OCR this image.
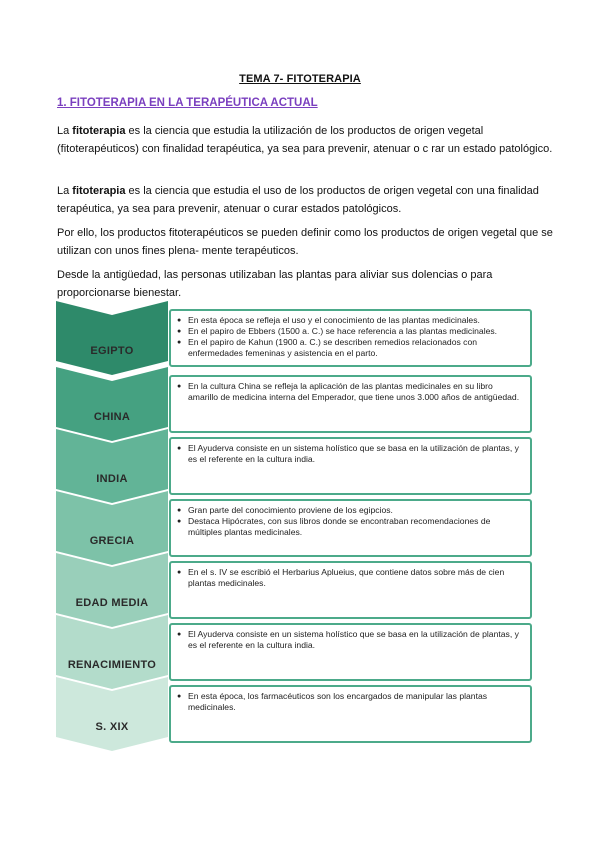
TEMA 7- FITOTERAPIA
1. FITOTERAPIA EN LA TERAPÉUTICA ACTUAL

La fitoterapia es la ciencia que estudia la utilización de los productos de origen vegetal (fitoterapéuticos) con finalidad terapéutica, ya sea para prevenir, atenuar o c rar un estado patológico.

La fitoterapia es la ciencia que estudia el uso de los productos de origen vegetal con una finalidad terapéutica, ya sea para prevenir, atenuar o curar estados patológicos.

Por ello, los productos fitoterapéuticos se pueden definir como los productos de origen vegetal que se utilizan con unos fines plena- mente terapéuticos.

Desde la antigüedad, las personas utilizaban las plantas para aliviar sus dolencias o para proporcionarse bienestar.

EGIPTO
● En esta época se refleja el uso y el conocimiento de las plantas medicinales.
● En el papiro de Ebbers (1500 a. C.) se hace referencia a las plantas medicinales.
● En el papiro de Kahun (1900 a. C.) se describen remedios relacionados con enfermedades femeninas y asistencia en el parto.
CHINA
● En la cultura China se refleja la aplicación de las plantas medicinales en su libro amarillo de medicina interna del Emperador, que tiene unos 3.000 años de antigüedad.
INDIA
● El Ayuderva consiste en un sistema holístico que se basa en la utilización de plantas, y es el referente en la cultura india.
GRECIA
● Gran parte del conocimiento proviene de los egipcios.
● Destaca Hipócrates, con sus libros donde se encontraban recomendaciones de múltiples plantas medicinales.
EDAD MEDIA
● En el s. IV se escribió el Herbarius Aplueius, que contiene datos sobre más de cien plantas medicinales.
RENACIMIENTO
● El Ayuderva consiste en un sistema holístico que se basa en la utilización de plantas, y es el referente en la cultura india.
S. XIX
● En esta época, los farmacéuticos son los encargados de manipular las plantas medicinales.
